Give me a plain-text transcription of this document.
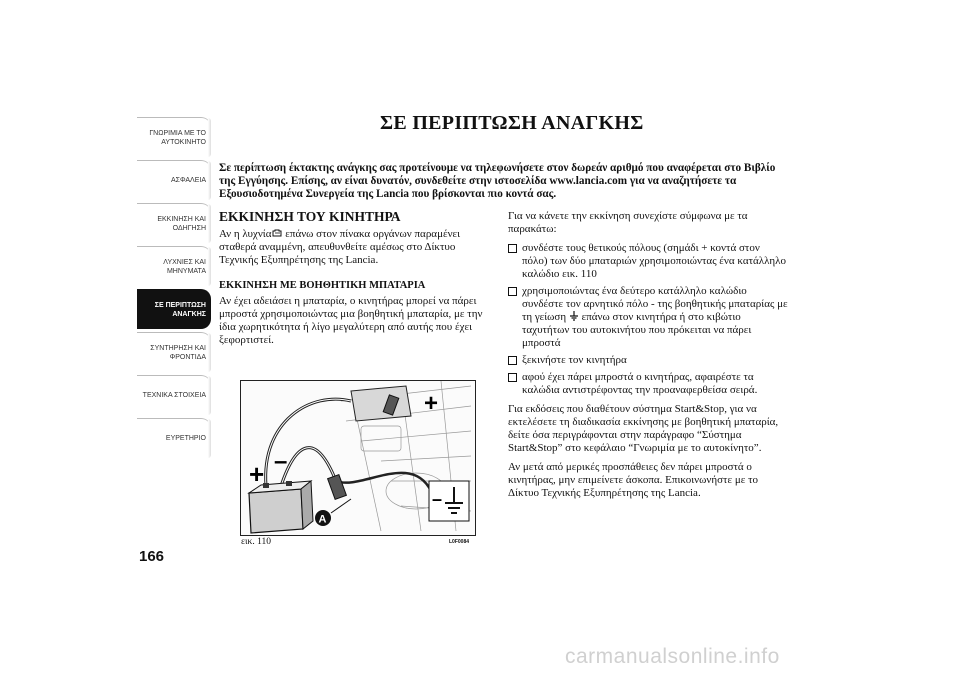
ΓΝΩΡΙΜΙΑ ΜΕ ΤΟ
ΑΥΤΟΚΙΝΗΤΟ
ΑΣΦΑΛΕΙΑ
ΕΚΚΙΝΗΣΗ ΚΑΙ
ΟΔΗΓΗΣΗ
ΛΥΧΝΙΕΣ ΚΑΙ
ΜΗΝΥΜΑΤΑ
ΣΕ ΠΕΡΙΠΤΩΣΗ
ΑΝΑΓΚΗΣ
ΣΥΝΤΗΡΗΣΗ ΚΑΙ
ΦΡΟΝΤΙΔΑ
ΤΕΧΝΙΚΑ ΣΤΟΙΧΕΙΑ
ΕΥΡΕΤΗΡΙΟ
166
ΣΕ ΠΕΡΙΠΤΩΣΗ ΑΝΑΓΚΗΣ
Σε περίπτωση έκτακτης ανάγκης σας προτείνουμε να τηλεφωνήσετε στον δωρεάν αριθμό που αναφέρεται στο Βιβλίο της Εγγύησης. Επίσης, αν είναι δυνατόν, συνδεθείτε στην ιστοσελίδα www.lancia.com για να αναζητήσετε τα Εξουσιοδοτημένα Συνεργεία της Lancia που βρίσκονται πιο κοντά σας.
ΕΚΚΙΝΗΣΗ ΤΟΥ ΚΙΝΗΤΗΡΑ

Αν η λυχνία επάνω στον πίνακα οργάνων παραμένει σταθερά αναμμένη, απευθυνθείτε αμέσως στο Δίκτυο Τεχνικής Εξυπηρέτησης της Lancia.

ΕΚΚΙΝΗΣΗ ΜΕ ΒΟΗΘΗΤΙΚΗ ΜΠΑΤΑΡΙΑ

Αν έχει αδειάσει η μπαταρία, ο κινητήρας μπορεί να πάρει μπροστά χρησιμοποιώντας μια βοηθητική μπαταρία, με την ίδια χωρητικότητα ή λίγο μεγαλύτερη από αυτής που έχει ξεφορτιστεί.

+ –
+
–
A
εικ. 110	L0F0084

Για να κάνετε την εκκίνηση συνεχίστε σύμφωνα με τα παρακάτω:

συνδέστε τους θετικούς πόλους (σημάδι + κοντά στον πόλο) των δύο μπαταριών χρησιμοποιώντας ένα κατάλληλο καλώδιο εικ. 110
χρησιμοποιώντας ένα δεύτερο κατάλληλο καλώδιο συνδέστε τον αρνητικό πόλο - της βοηθητικής μπαταρίας με τη γείωση  επάνω στον κινητήρα ή στο κιβώτιο ταχυτήτων του αυτοκινήτου που πρόκειται να πάρει μπροστά
ξεκινήστε τον κινητήρα
αφού έχει πάρει μπροστά ο κινητήρας, αφαιρέστε τα καλώδια αντιστρέφοντας την προαναφερθείσα σειρά.

Για εκδόσεις που διαθέτουν σύστημα Start&Stop, για να εκτελέσετε τη διαδικασία εκκίνησης με βοηθητική μπαταρία, δείτε όσα περιγράφονται στην παράγραφο “Σύστημα Start&Stop” στο κεφάλαιο “Γνωριμία με το αυτοκίνητο”.

Αν μετά από μερικές προσπάθειες δεν πάρει μπροστά ο κινητήρας, μην επιμείνετε άσκοπα. Επικοινωνήστε με το Δίκτυο Τεχνικής Εξυπηρέτησης της Lancia.

carmanualsonline.info
